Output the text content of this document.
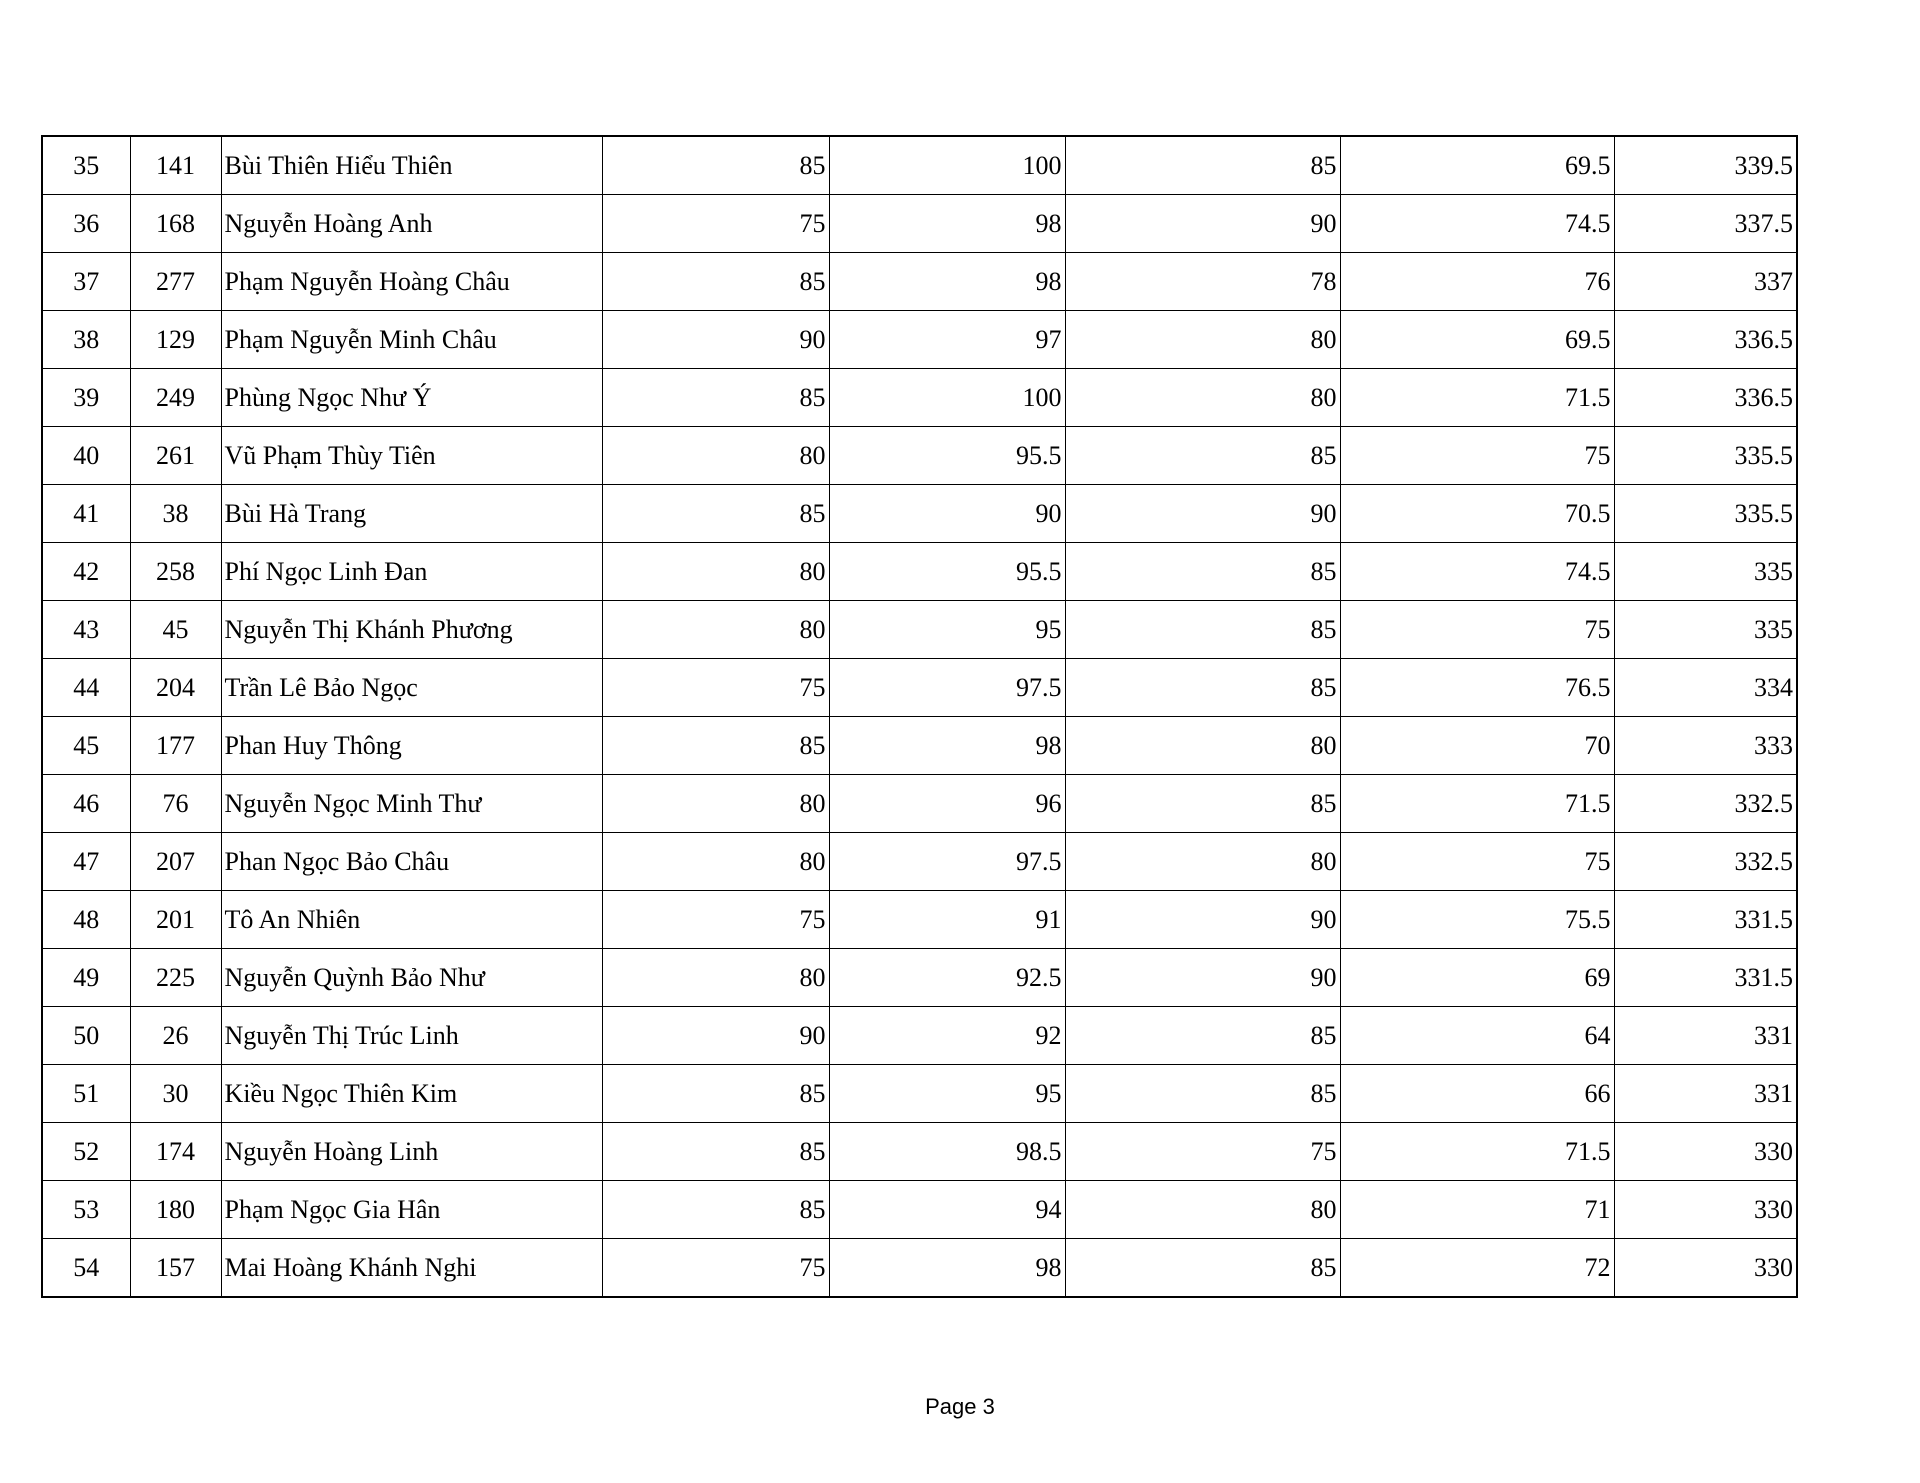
35	141	Bùi Thiên Hiểu Thiên	85	100	85	69.5	339.5
36	168	Nguyễn Hoàng Anh	75	98	90	74.5	337.5
37	277	Phạm Nguyễn Hoàng Châu	85	98	78	76	337
38	129	Phạm Nguyễn Minh Châu	90	97	80	69.5	336.5
39	249	Phùng Ngọc Như Ý	85	100	80	71.5	336.5
40	261	Vũ Phạm Thùy Tiên	80	95.5	85	75	335.5
41	38	Bùi Hà Trang	85	90	90	70.5	335.5
42	258	Phí Ngọc Linh Đan	80	95.5	85	74.5	335
43	45	Nguyễn Thị Khánh Phương	80	95	85	75	335
44	204	Trần Lê Bảo Ngọc	75	97.5	85	76.5	334
45	177	Phan Huy Thông	85	98	80	70	333
46	76	Nguyễn Ngọc Minh Thư	80	96	85	71.5	332.5
47	207	Phan Ngọc Bảo Châu	80	97.5	80	75	332.5
48	201	Tô An Nhiên	75	91	90	75.5	331.5
49	225	Nguyễn Quỳnh Bảo Như	80	92.5	90	69	331.5
50	26	Nguyễn Thị Trúc Linh	90	92	85	64	331
51	30	Kiều Ngọc Thiên Kim	85	95	85	66	331
52	174	Nguyễn Hoàng Linh	85	98.5	75	71.5	330
53	180	Phạm Ngọc Gia Hân	85	94	80	71	330
54	157	Mai Hoàng Khánh Nghi	75	98	85	72	330
Page 3
